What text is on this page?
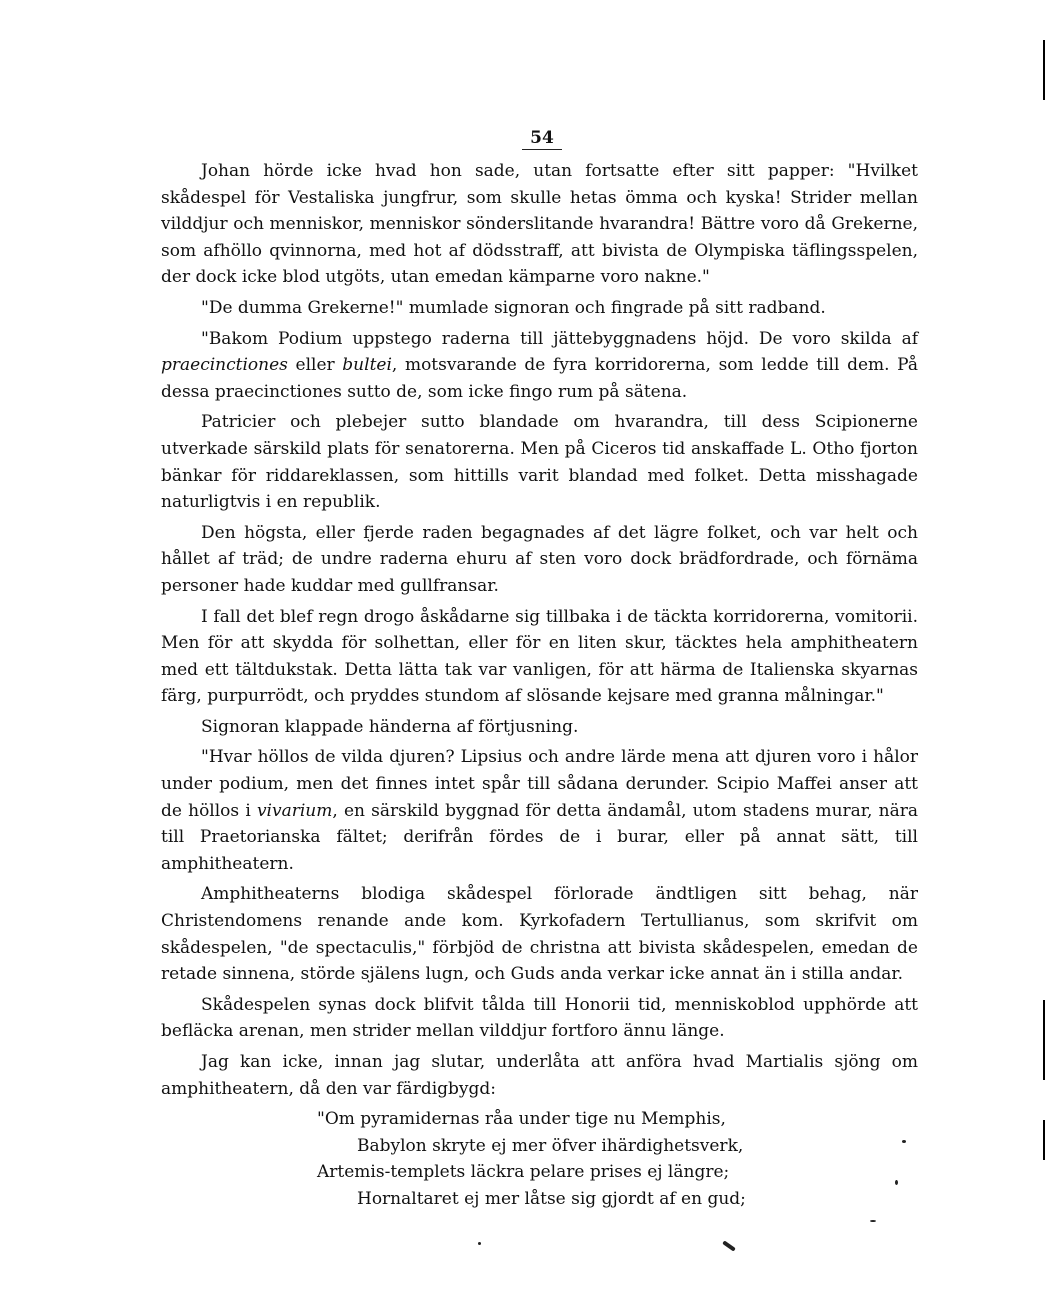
54

Johan hörde icke hvad hon sade, utan fortsatte efter sitt papper: "Hvilket skådespel för Vestaliska jungfrur, som skulle hetas ömma och kyska! Strider mellan vilddjur och menniskor, menniskor sönderslitande hvarandra! Bättre voro då Grekerne, som afhöllo qvinnorna, med hot af dödsstraff, att bivista de Olympiska täflingsspelen, der dock icke blod utgöts, utan emedan kämparne voro nakne."

"De dumma Grekerne!" mumlade signoran och fingrade på sitt radband.

"Bakom Podium uppstego raderna till jättebyggnadens höjd. De voro skilda af praecinctiones eller bultei, motsvarande de fyra korridorerna, som ledde till dem. På dessa praecinctiones sutto de, som icke fingo rum på sätena.

Patricier och plebejer sutto blandade om hvarandra, till dess Scipionerne utverkade särskild plats för senatorerna. Men på Ciceros tid anskaffade L. Otho fjorton bänkar för riddareklassen, som hittills varit blandad med folket. Detta misshagade naturligtvis i en republik.

Den högsta, eller fjerde raden begagnades af det lägre folket, och var helt och hållet af träd; de undre raderna ehuru af sten voro dock brädfordrade, och förnäma personer hade kuddar med gullfransar.

I fall det blef regn drogo åskådarne sig tillbaka i de täckta korridorerna, vomitorii. Men för att skydda för solhettan, eller för en liten skur, täcktes hela amphitheatern med ett tältdukstak. Detta lätta tak var vanligen, för att härma de Italienska skyarnas färg, purpurrödt, och pryddes stundom af slösande kejsare med granna målningar."

Signoran klappade händerna af förtjusning.

"Hvar höllos de vilda djuren? Lipsius och andre lärde mena att djuren voro i hålor under podium, men det finnes intet spår till sådana derunder. Scipio Maffei anser att de höllos i vivarium, en särskild byggnad för detta ändamål, utom stadens murar, nära till Praetorianska fältet; derifrån fördes de i burar, eller på annat sätt, till amphitheatern.

Amphitheaterns blodiga skådespel förlorade ändtligen sitt behag, när Christendomens renande ande kom. Kyrkofadern Tertullianus, som skrifvit om skådespelen, "de spectaculis," förbjöd de christna att bivista skådespelen, emedan de retade sinnena, störde själens lugn, och Guds anda verkar icke annat än i stilla andar.

Skådespelen synas dock blifvit tålda till Honorii tid, menniskoblod upphörde att befläcka arenan, men strider mellan vilddjur fortforo ännu länge.

Jag kan icke, innan jag slutar, underlåta att anföra hvad Martialis sjöng om amphitheatern, då den var färdigbygd:

"Om pyramidernas råa under tige nu Memphis,
Babylon skryte ej mer öfver ihärdighetsverk,
Artemis-templets läckra pelare prises ej längre;
Hornaltaret ej mer låtse sig gjordt af en gud;
